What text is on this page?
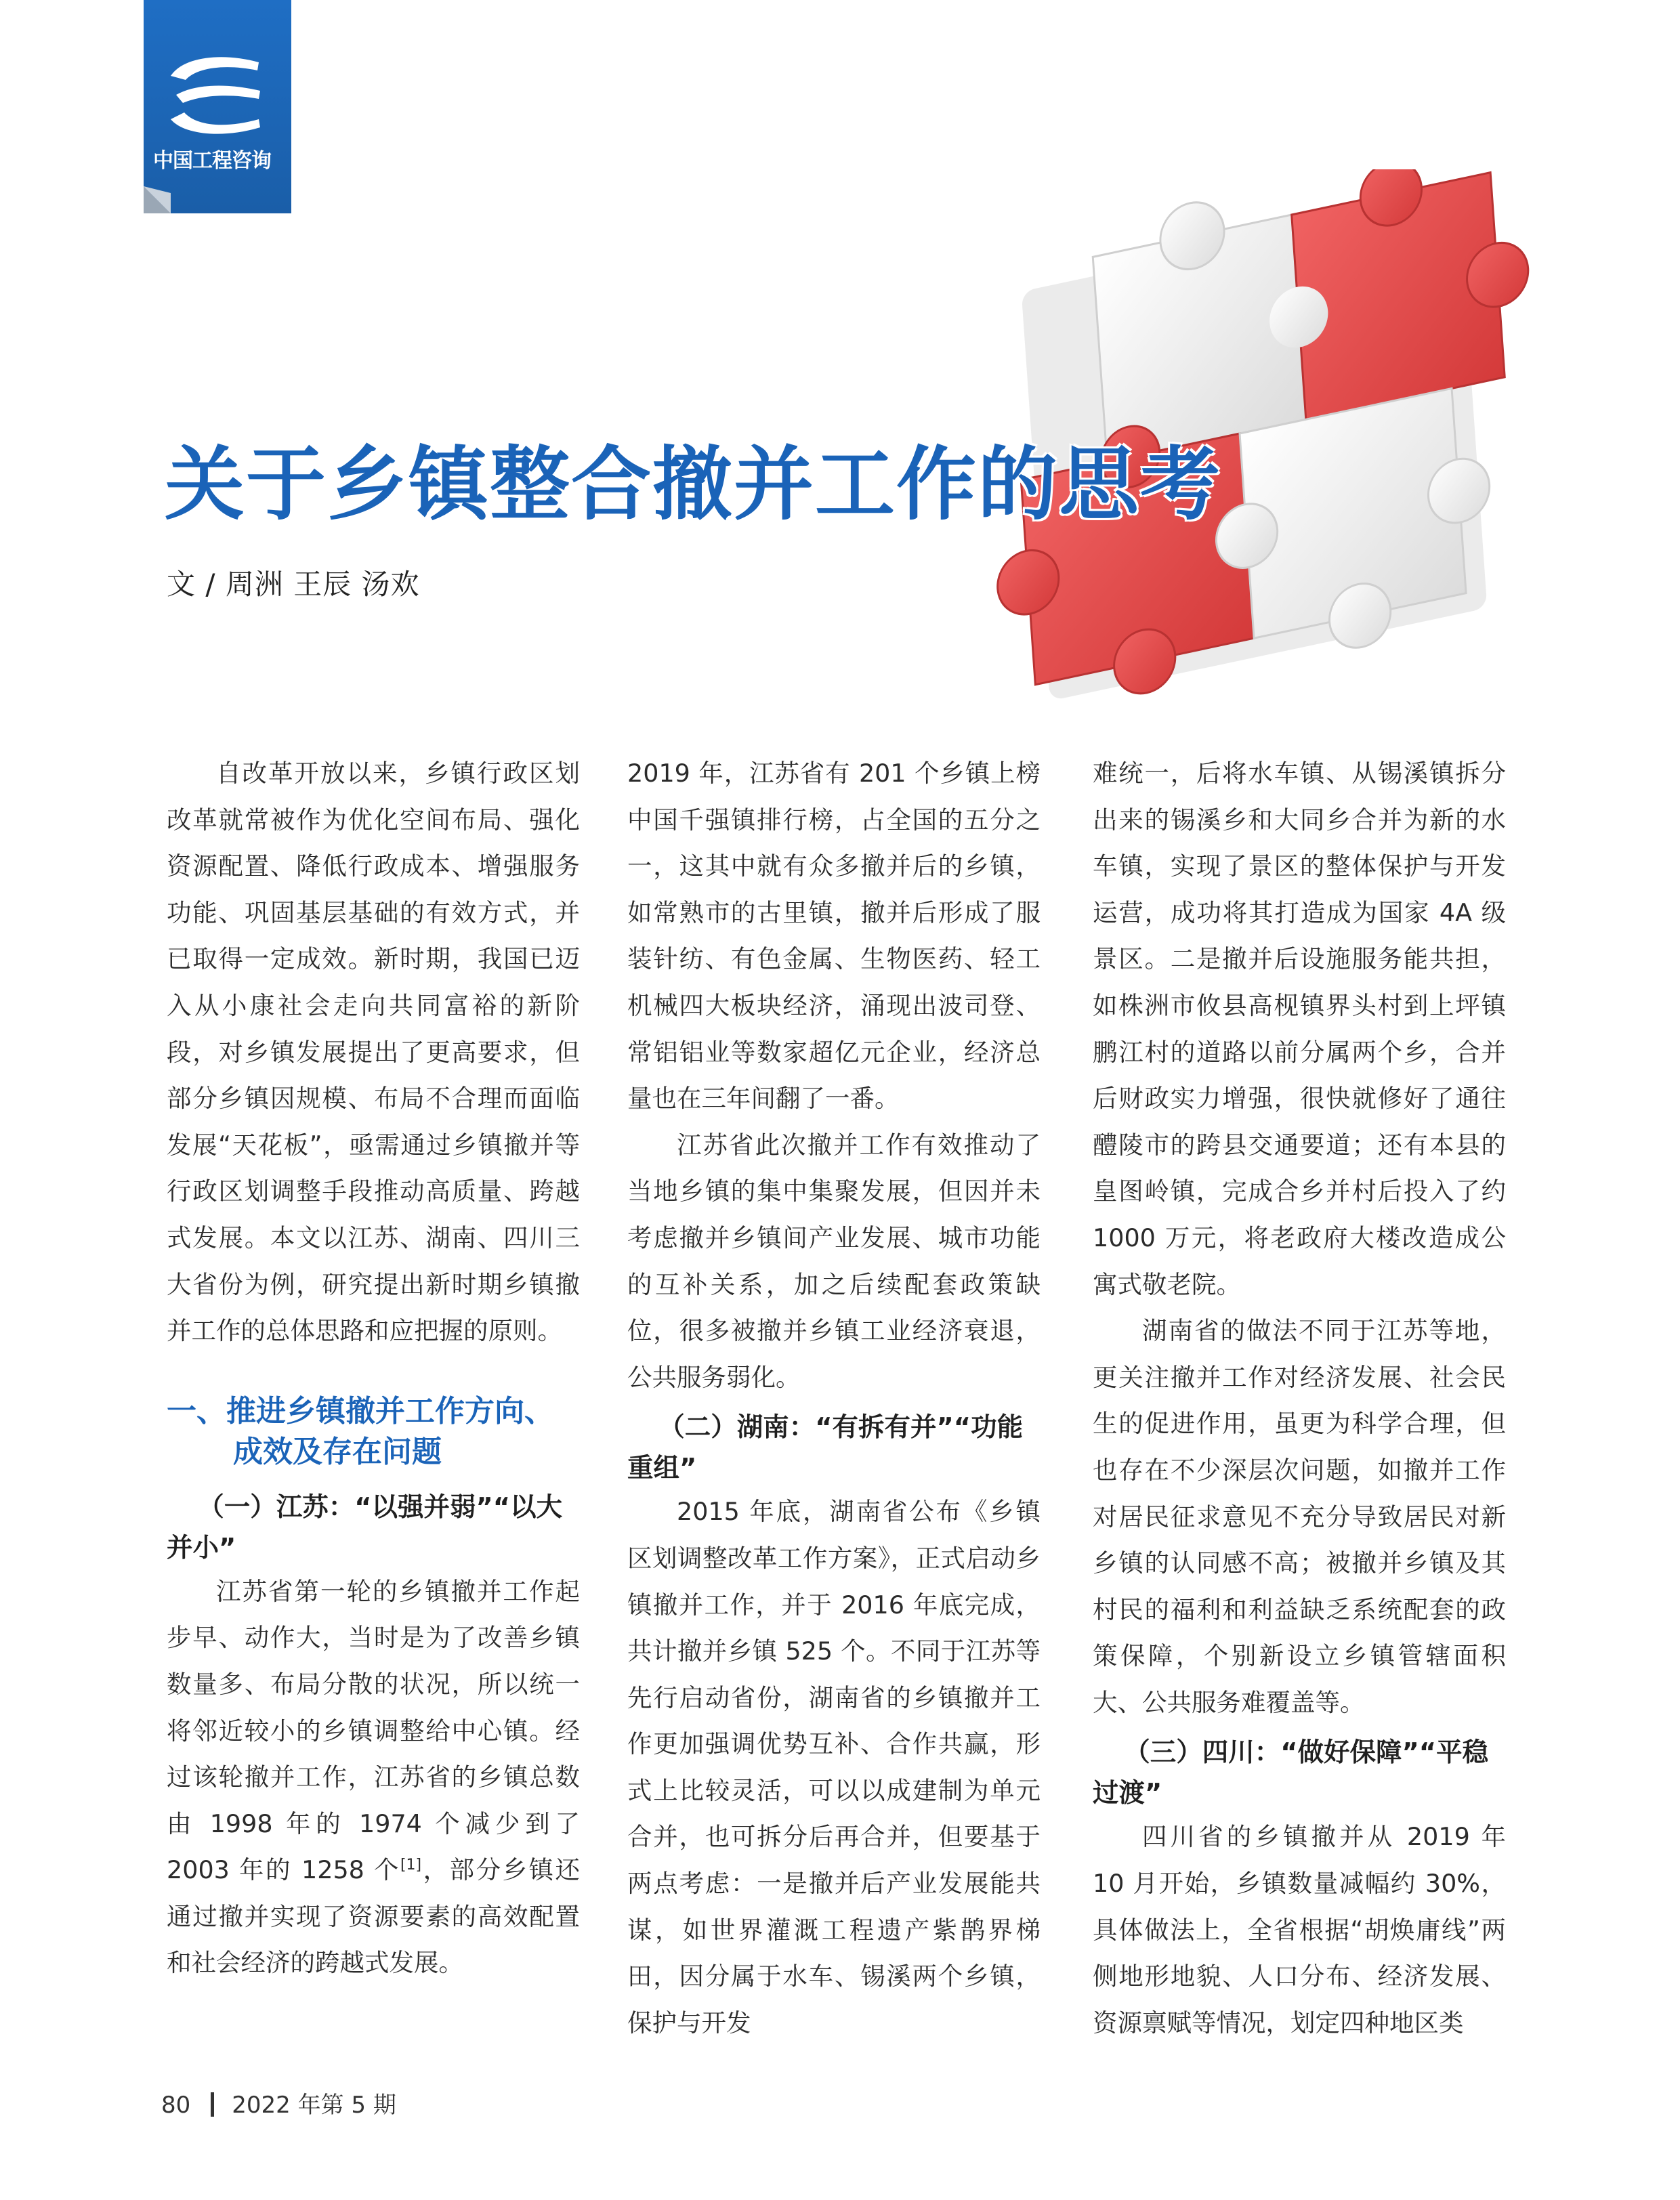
中国工程咨询
关于乡镇整合撤并工作的思考
文 / 周洲 王辰 汤欢

自改革开放以来，乡镇行政区划改革就常被作为优化空间布局、强化资源配置、降低行政成本、增强服务功能、巩固基层基础的有效方式，并已取得一定成效。新时期，我国已迈入从小康社会走向共同富裕的新阶段，对乡镇发展提出了更高要求，但部分乡镇因规模、布局不合理而面临发展“天花板”，亟需通过乡镇撤并等行政区划调整手段推动高质量、跨越式发展。本文以江苏、湖南、四川三大省份为例，研究提出新时期乡镇撤并工作的总体思路和应把握的原则。

一、推进乡镇撤并工作方向、
成效及存在问题
（一）江苏：“以强并弱”“以大并小”

江苏省第一轮的乡镇撤并工作起步早、动作大，当时是为了改善乡镇数量多、布局分散的状况，所以统一将邻近较小的乡镇调整给中心镇。经过该轮撤并工作，江苏省的乡镇总数由 1998 年的 1974 个减少到了 2003 年的 1258 个[1]，部分乡镇还通过撤并实现了资源要素的高效配置和社会经济的跨越式发展。

2019 年，江苏省有 201 个乡镇上榜中国千强镇排行榜，占全国的五分之一，这其中就有众多撤并后的乡镇，如常熟市的古里镇，撤并后形成了服装针纺、有色金属、生物医药、轻工机械四大板块经济，涌现出波司登、常铝铝业等数家超亿元企业，经济总量也在三年间翻了一番。

江苏省此次撤并工作有效推动了当地乡镇的集中集聚发展，但因并未考虑撤并乡镇间产业发展、城市功能的互补关系，加之后续配套政策缺位，很多被撤并乡镇工业经济衰退，公共服务弱化。

（二）湖南：“有拆有并”“功能重组”

2015 年底，湖南省公布《乡镇区划调整改革工作方案》，正式启动乡镇撤并工作，并于 2016 年底完成，共计撤并乡镇 525 个。不同于江苏等先行启动省份，湖南省的乡镇撤并工作更加强调优势互补、合作共赢，形式上比较灵活，可以以成建制为单元合并，也可拆分后再合并，但要基于两点考虑：一是撤并后产业发展能共谋，如世界灌溉工程遗产紫鹊界梯田，因分属于水车、锡溪两个乡镇，保护与开发

难统一，后将水车镇、从锡溪镇拆分出来的锡溪乡和大同乡合并为新的水车镇，实现了景区的整体保护与开发运营，成功将其打造成为国家 4A 级景区。二是撤并后设施服务能共担，如株洲市攸县高枧镇界头村到上坪镇鹏江村的道路以前分属两个乡，合并后财政实力增强，很快就修好了通往醴陵市的跨县交通要道；还有本县的皇图岭镇，完成合乡并村后投入了约 1000 万元，将老政府大楼改造成公寓式敬老院。

湖南省的做法不同于江苏等地，更关注撤并工作对经济发展、社会民生的促进作用，虽更为科学合理，但也存在不少深层次问题，如撤并工作对居民征求意见不充分导致居民对新乡镇的认同感不高；被撤并乡镇及其村民的福利和利益缺乏系统配套的政策保障，个别新设立乡镇管辖面积大、公共服务难覆盖等。

（三）四川：“做好保障”“平稳过渡”

四川省的乡镇撤并从 2019 年 10 月开始，乡镇数量减幅约 30%，具体做法上，全省根据“胡焕庸线”两侧地形地貌、人口分布、经济发展、资源禀赋等情况，划定四种地区类

80 2022 年第 5 期
